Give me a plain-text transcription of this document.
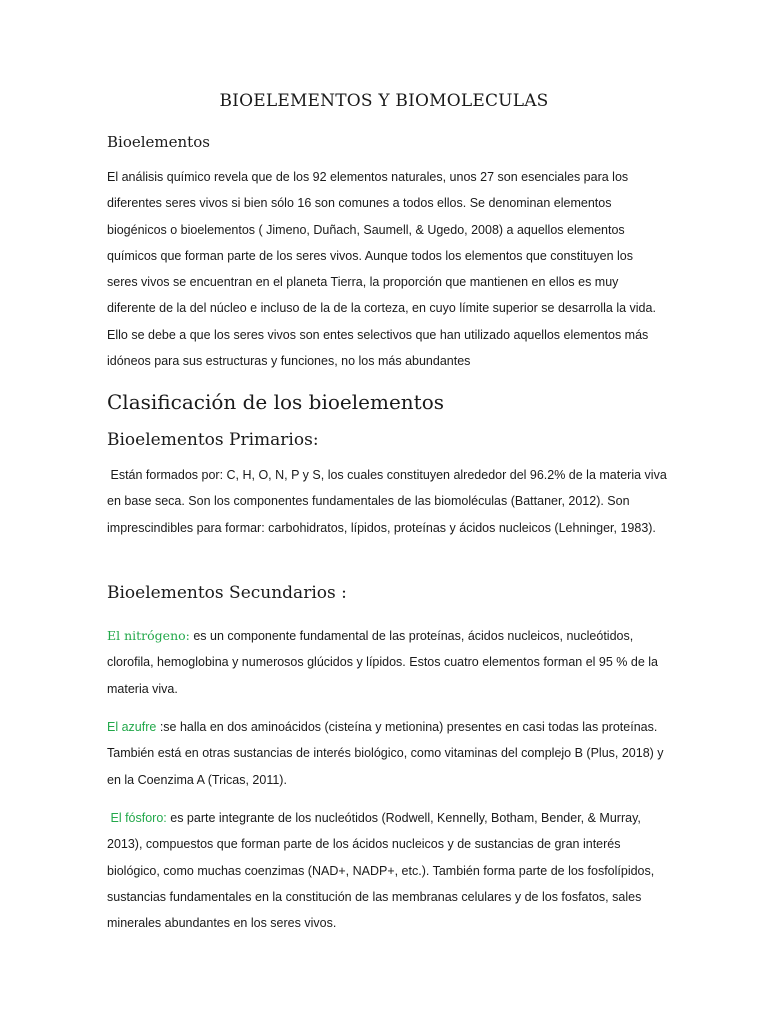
BIOELEMENTOS Y BIOMOLECULAS
Bioelementos

El análisis químico revela que de los 92 elementos naturales, unos 27 son esenciales para los diferentes seres vivos si bien sólo 16 son comunes a todos ellos. Se denominan elementos biogénicos o bioelementos ( Jimeno, Duñach, Saumell, & Ugedo, 2008) a aquellos elementos químicos que forman parte de los seres vivos. Aunque todos los elementos que constituyen los seres vivos se encuentran en el planeta Tierra, la proporción que mantienen en ellos es muy diferente de la del núcleo e incluso de la de la corteza, en cuyo límite superior se desarrolla la vida. Ello se debe a que los seres vivos son entes selectivos que han utilizado aquellos elementos más idóneos para sus estructuras y funciones, no los más abundantes

Clasificación de los bioelementos
Bioelementos Primarios:

Están formados por: C, H, O, N, P y S, los cuales constituyen alrededor del 96.2% de la materia viva en base seca. Son los componentes fundamentales de las biomoléculas (Battaner, 2012). Son imprescindibles para formar: carbohidratos, lípidos, proteínas y ácidos nucleicos (Lehninger, 1983).

Bioelementos Secundarios :

El nitrógeno: es un componente fundamental de las proteínas, ácidos nucleicos, nucleótidos, clorofila, hemoglobina y numerosos glúcidos y lípidos. Estos cuatro elementos forman el 95 % de la materia viva.

El azufre :se halla en dos aminoácidos (cisteína y metionina) presentes en casi todas las proteínas. También está en otras sustancias de interés biológico, como vitaminas del complejo B (Plus, 2018) y en la Coenzima A (Tricas, 2011).

El fósforo: es parte integrante de los nucleótidos (Rodwell, Kennelly, Botham, Bender, & Murray, 2013), compuestos que forman parte de los ácidos nucleicos y de sustancias de gran interés biológico, como muchas coenzimas (NAD+, NADP+, etc.). También forma parte de los fosfolípidos, sustancias fundamentales en la constitución de las membranas celulares y de los fosfatos, sales minerales abundantes en los seres vivos.
